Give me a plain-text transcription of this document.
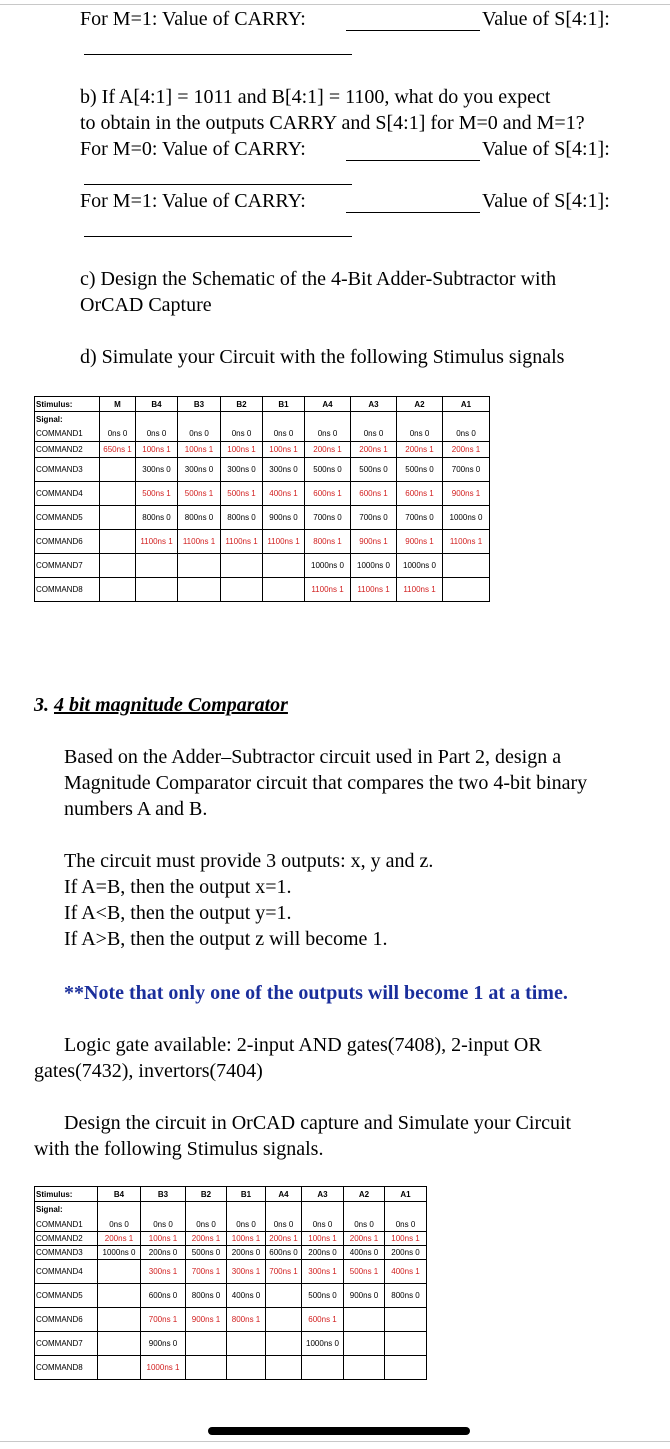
For M=1: Value of CARRY:	Value of S[4:1]:
b) If A[4:1] = 1011 and B[4:1] = 1100, what do you expect
to obtain in the outputs CARRY and S[4:1] for M=0 and M=1?
For M=0: Value of CARRY:	Value of S[4:1]:
For M=1: Value of CARRY:	Value of S[4:1]:
c) Design the Schematic of the 4-Bit Adder-Subtractor with
OrCAD Capture
d) Simulate your Circuit with the following Stimulus signals
Stimulus:	M	B4	B3	B2	B1	A4	A3	A2	A1
Signal:									
COMMAND1	0ns 0	0ns 0	0ns 0	0ns 0	0ns 0	0ns 0	0ns 0	0ns 0	0ns 0
COMMAND2	650ns 1	100ns 1	100ns 1	100ns 1	100ns 1	200ns 1	200ns 1	200ns 1	200ns 1
COMMAND3		300ns 0	300ns 0	300ns 0	300ns 0	500ns 0	500ns 0	500ns 0	700ns 0
COMMAND4		500ns 1	500ns 1	500ns 1	400ns 1	600ns 1	600ns 1	600ns 1	900ns 1
COMMAND5		800ns 0	800ns 0	800ns 0	900ns 0	700ns 0	700ns 0	700ns 0	1000ns 0
COMMAND6		1100ns 1	1100ns 1	1100ns 1	1100ns 1	800ns 1	900ns 1	900ns 1	1100ns 1
COMMAND7						1000ns 0	1000ns 0	1000ns 0	
COMMAND8						1100ns 1	1100ns 1	1100ns 1	
3. 4 bit magnitude Comparator
Based on the Adder–Subtractor circuit used in Part 2, design a
Magnitude Comparator circuit that compares the two 4-bit binary
numbers A and B.
The circuit must provide 3 outputs: x, y and z.
If A=B, then the output x=1.
If A<B, then the output y=1.
If A>B, then the output z will become 1.
**Note that only one of the outputs will become 1 at a time.
Logic gate available: 2-input AND gates(7408), 2-input OR
gates(7432), invertors(7404)
Design the circuit in OrCAD capture and Simulate your Circuit
with the following Stimulus signals.
Stimulus:	B4	B3	B2	B1	A4	A3	A2	A1
Signal:								
COMMAND1	0ns 0	0ns 0	0ns 0	0ns 0	0ns 0	0ns 0	0ns 0	0ns 0
COMMAND2	200ns 1	100ns 1	200ns 1	100ns 1	200ns 1	100ns 1	200ns 1	100ns 1
COMMAND3	1000ns 0	200ns 0	500ns 0	200ns 0	600ns 0	200ns 0	400ns 0	200ns 0
COMMAND4		300ns 1	700ns 1	300ns 1	700ns 1	300ns 1	500ns 1	400ns 1
COMMAND5		600ns 0	800ns 0	400ns 0		500ns 0	900ns 0	800ns 0
COMMAND6		700ns 1	900ns 1	800ns 1		600ns 1		
COMMAND7		900ns 0				1000ns 0		
COMMAND8		1000ns 1						
